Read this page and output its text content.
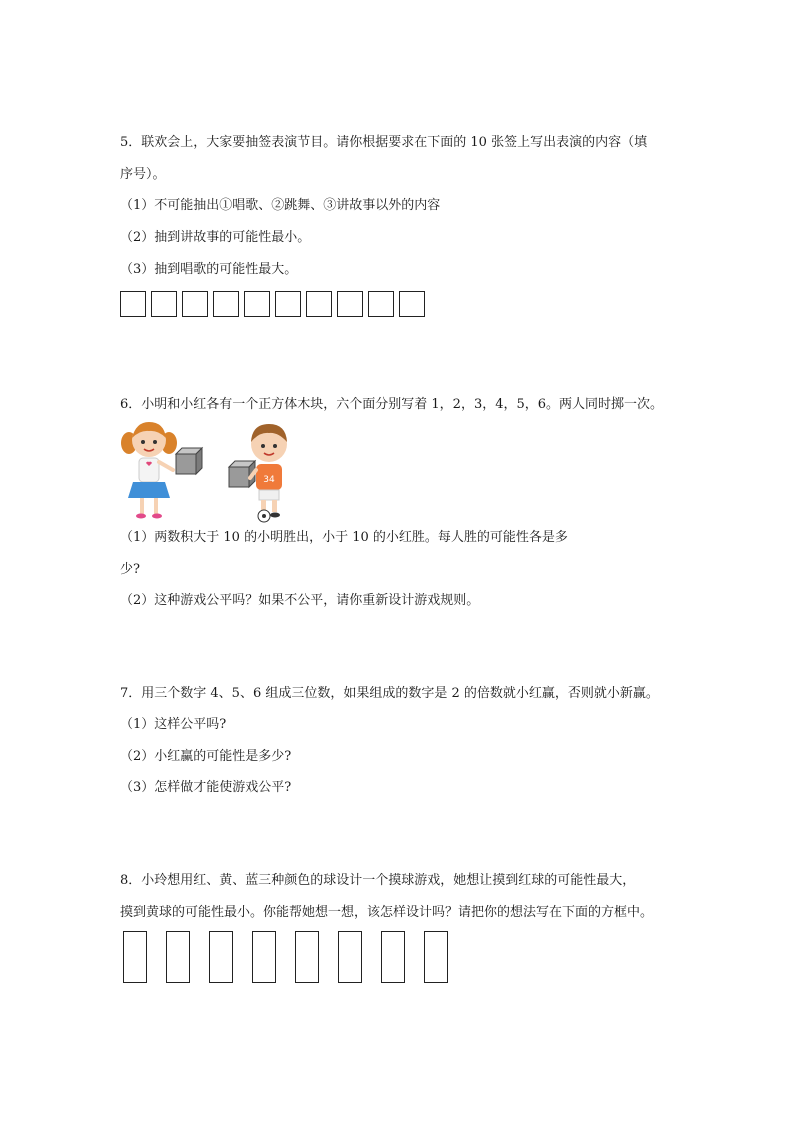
5．联欢会上，大家要抽签表演节目。请你根据要求在下面的 10 张签上写出表演的内容（填
序号）。
（1）不可能抽出①唱歌、②跳舞、③讲故事以外的内容
（2）抽到讲故事的可能性最小。
（3）抽到唱歌的可能性最大。
6．小明和小红各有一个正方体木块，六个面分别写着 1，2，3，4，5，6。两人同时掷一次。
34
（1）两数积大于 10 的小明胜出，小于 10 的小红胜。每人胜的可能性各是多
少?
（2）这种游戏公平吗？如果不公平，请你重新设计游戏规则。
7．用三个数字 4、5、6 组成三位数，如果组成的数字是 2 的倍数就小红赢，否则就小新赢。
（1）这样公平吗?
（2）小红赢的可能性是多少?
（3）怎样做才能使游戏公平?
8．小玲想用红、黄、蓝三种颜色的球设计一个摸球游戏，她想让摸到红球的可能性最大，
摸到黄球的可能性最小。你能帮她想一想，该怎样设计吗？请把你的想法写在下面的方框中。
